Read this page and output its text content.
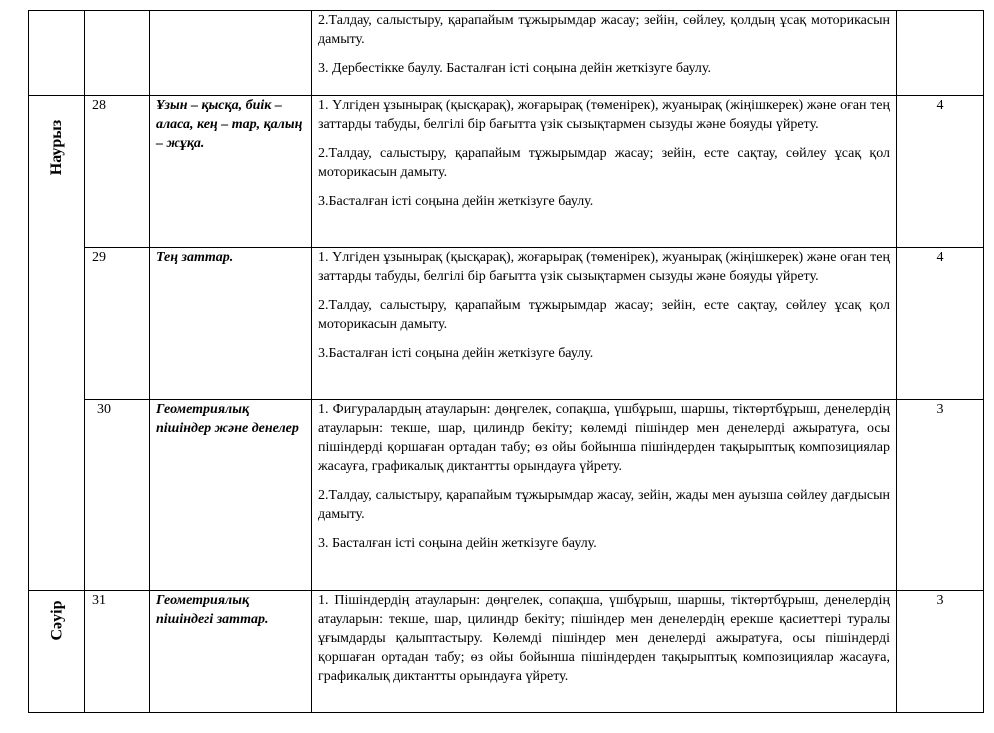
			2.Талдау, салыстыру, қарапайым тұжырымдар жасау; зейін, сөйлеу, қолдың ұсақ моторикасын дамыту.

3. Дербестікке баулу. Басталған істі соңына дейін жеткізуге баулу.	

Наурыз	28	Ұзын – қысқа, биік – аласа, кең – тар, қалың – жұқа.	1. Үлгіден ұзынырақ (қысқарақ), жоғарырақ (төменірек), жуанырақ (жіңішкерек) және оған тең заттарды табуды, белгілі бір бағытта үзік сызықтармен сызуды және бояуды үйрету.

2.Талдау, салыстыру, қарапайым тұжырымдар жасау; зейін, есте сақтау, сөйлеу ұсақ қол моторикасын дамыту.

3.Басталған істі соңына дейін жеткізуге баулу.	4
	29	Тең заттар.	1. Үлгіден ұзынырақ (қысқарақ), жоғарырақ (төменірек), жуанырақ (жіңішкерек) және оған тең заттарды табуды, белгілі бір бағытта үзік сызықтармен сызуды және бояуды үйрету.

2.Талдау, салыстыру, қарапайым тұжырымдар жасау; зейін, есте сақтау, сөйлеу ұсақ қол моторикасын дамыту.

3.Басталған істі соңына дейін жеткізуге баулу.	4
	30	Геометриялық пішіндер және денелер	1. Фигуралардың атауларын: дөңгелек, сопақша, үшбұрыш, шаршы, тіктөртбұрыш, денелердің атауларын: текше, шар, цилиндр бекіту; көлемді пішіндер мен денелерді ажыратуға, осы пішіндерді қоршаған ортадан табу; өз ойы бойынша пішіндерден тақырыптық композициялар жасауға, графикалық диктантты орындауға үйрету.

2.Талдау, салыстыру, қарапайым тұжырымдар жасау, зейін, жады мен ауызша сөйлеу дағдысын дамыту.

3. Басталған істі соңына дейін жеткізуге баулу.	3

Сәуір	31	Геометриялық пішіндегі заттар.	1. Пішіндердің атауларын: дөңгелек, сопақша, үшбұрыш, шаршы, тіктөртбұрыш, денелердің атауларын: текше, шар, цилиндр бекіту; пішіндер мен денелердің ерекше қасиеттері туралы ұғымдарды қалыптастыру. Көлемді пішіндер мен денелерді ажыратуға, осы пішіндерді қоршаған ортадан табу; өз ойы бойынша пішіндерден тақырыптық композициялар жасауға, графикалық диктантты орындауға үйрету.	3
